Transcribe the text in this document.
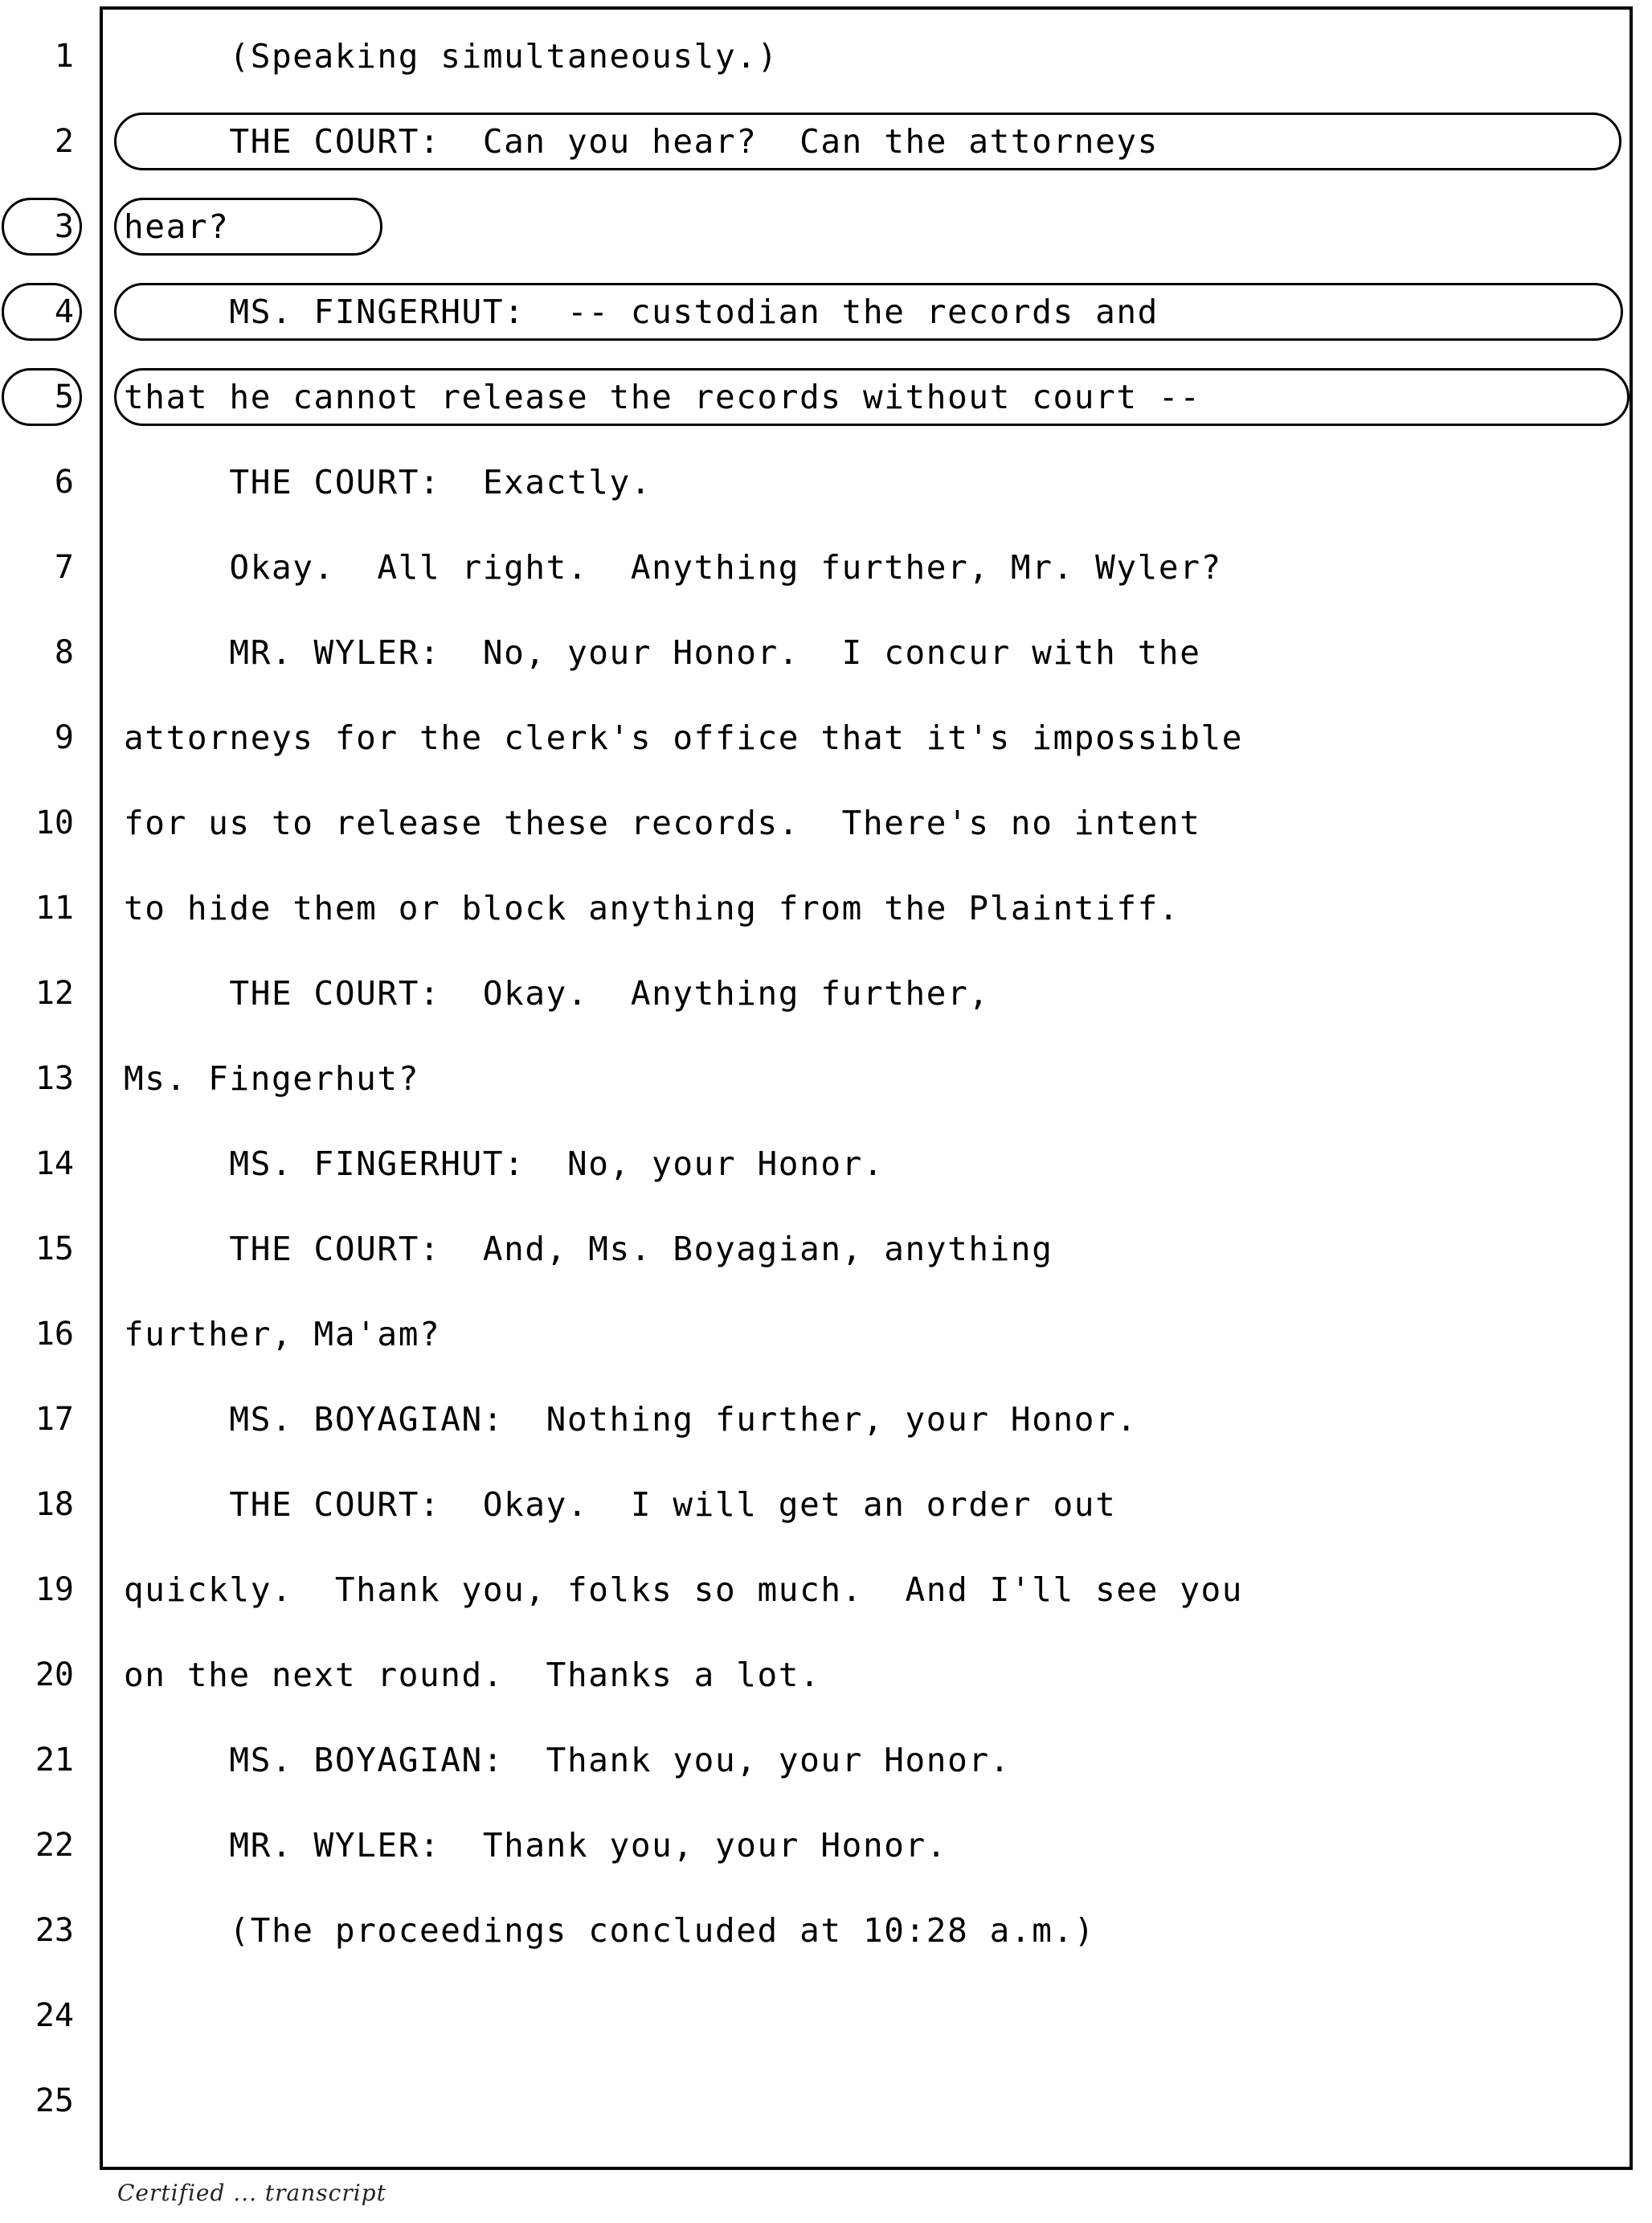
1	(Speaking simultaneously.)
2	THE COURT:  Can you hear?  Can the attorneys
3	hear?
4	MS. FINGERHUT:  -- custodian the records and
5	that he cannot release the records without court --
6	THE COURT:  Exactly.
7	Okay.  All right.  Anything further, Mr. Wyler?
8	MR. WYLER:  No, your Honor.  I concur with the
9	attorneys for the clerk's office that it's impossible
10	for us to release these records.  There's no intent
11	to hide them or block anything from the Plaintiff.
12	THE COURT:  Okay.  Anything further,
13	Ms. Fingerhut?
14	MS. FINGERHUT:  No, your Honor.
15	THE COURT:  And, Ms. Boyagian, anything
16	further, Ma'am?
17	MS. BOYAGIAN:  Nothing further, your Honor.
18	THE COURT:  Okay.  I will get an order out
19	quickly.  Thank you, folks so much.  And I'll see you
20	on the next round.  Thanks a lot.
21	MS. BOYAGIAN:  Thank you, your Honor.
22	MR. WYLER:  Thank you, your Honor.
23	(The proceedings concluded at 10:28 a.m.)
24
25
Certified ... transcript
